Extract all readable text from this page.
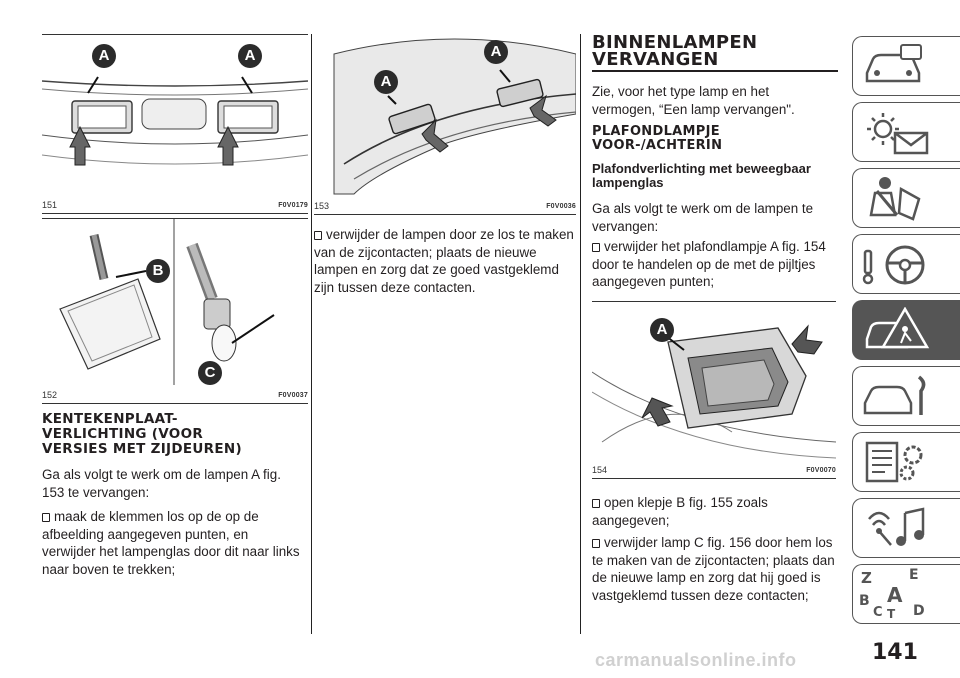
A	A
151	F0V0179
B
C
152	F0V0037
KENTEKENPLAAT-
VERLICHTING (VOOR
VERSIES MET ZIJDEUREN)

Ga als volgt te werk om de lampen A fig. 153 te vervangen:

maak de klemmen los op de op de afbeelding aangegeven punten, en verwijder het lampenglas door dit naar links naar boven te trekken;

A
A
153	F0V0036

verwijder de lampen door ze los te maken van de zijcontacten; plaats de nieuwe lampen en zorg dat ze goed vastgeklemd zijn tussen deze contacten.

BINNENLAMPEN
VERVANGEN

Zie, voor het type lamp en het vermogen, “Een lamp vervangen".

PLAFONDLAMPJE
VOOR-/ACHTERIN
Plafondverlichting met beweegbaar lampenglas

Ga als volgt te werk om de lampen te vervangen:

verwijder het plafondlampje A fig. 154 door te handelen op de met de pijltjes aangegeven punten;

A
154	F0V0070

open klepje B fig. 155 zoals aangegeven;

verwijder lamp C fig. 156 door hem los te maken van de zijcontacten; plaats dan de nieuwe lamp en zorg dat hij goed is vastgeklemd tussen deze contacten;

Z	E
A
B
C D
T
141
carmanualsonline.info
